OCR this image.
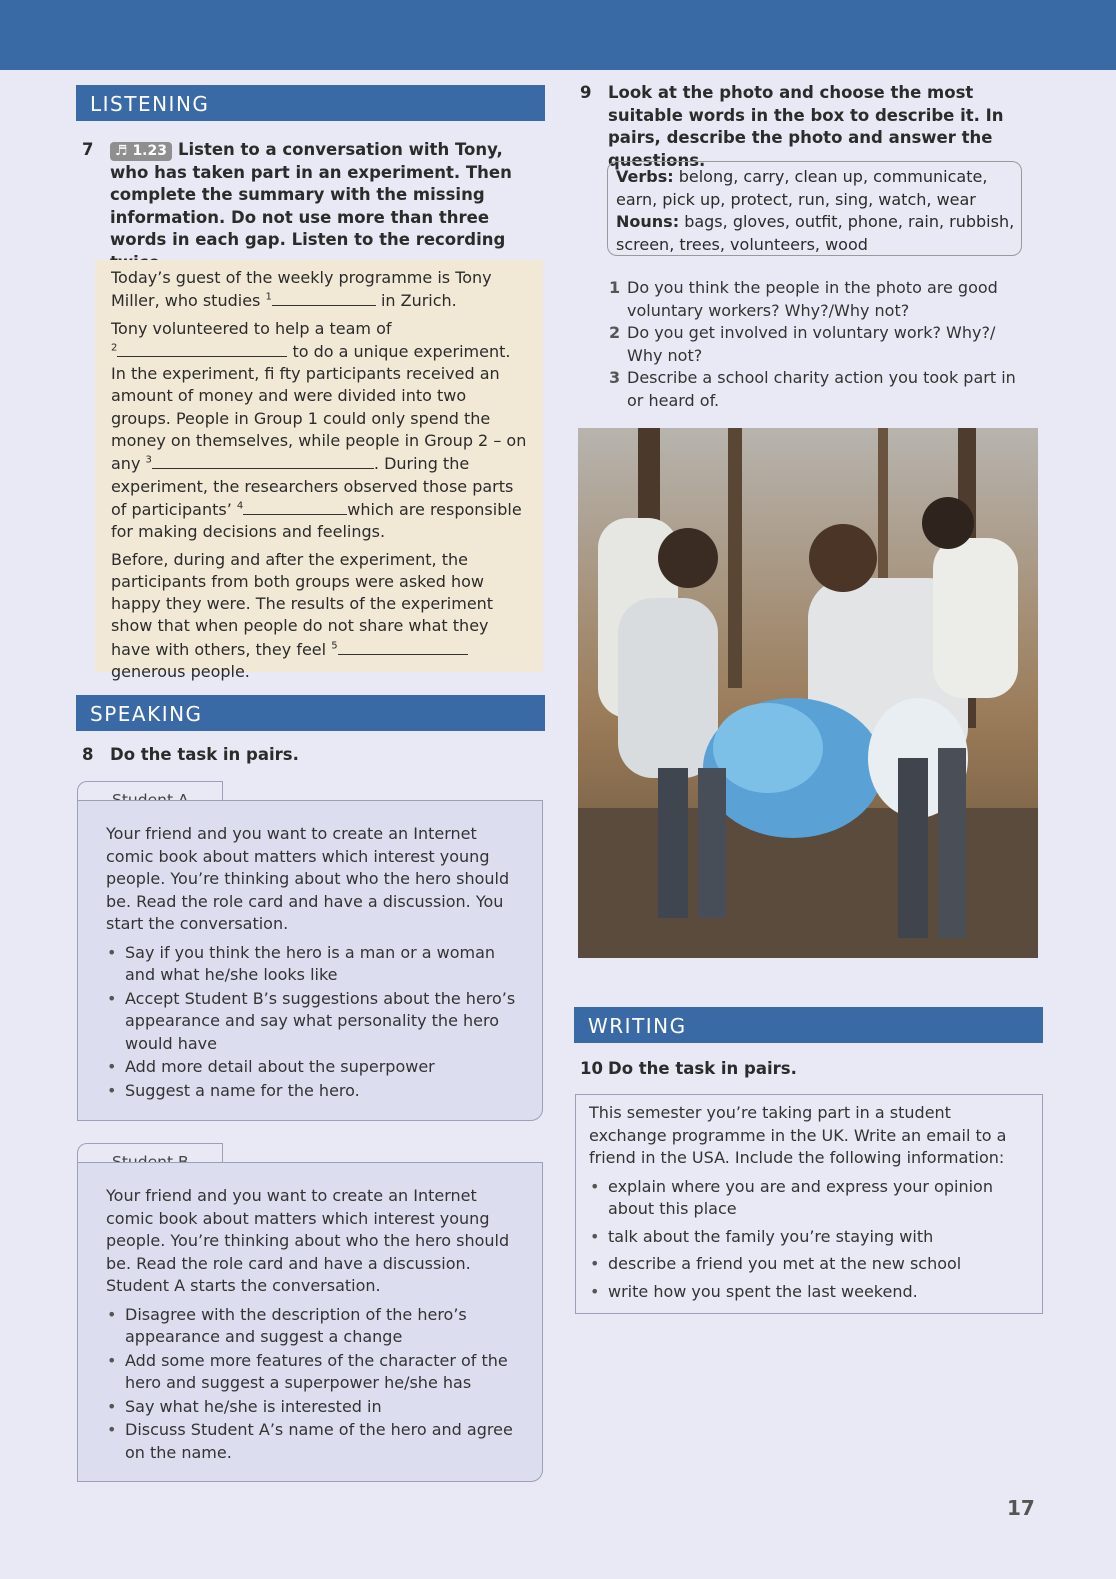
LISTENING
7	♬︎ 1.23 Listen to a conversation with Tony, who has taken part in an experiment. Then complete the summary with the missing information. Do not use more than three words in each gap. Listen to the recording

Today’s guest of the weekly programme is Tony Miller, who studies $^1$	in Zurich.

Tony volunteered to help a team of
$^2$	to do a unique experiment. In the experiment, fi fty participants received an amount of money and were divided into two groups. People in Group 1 could only spend the money on themselves, while people in Group 2 – on any $^3$	. During the experiment, the researchers observed those parts of participants’ $^4$	which are responsible for making decisions and feelings.

Before, during and after the experiment, the participants from both groups were asked how happy they were. The results of the experiment show that when people do not share what they have with others, they feel $^5$ generous people.

SPEAKING
8 Do the task in pairs.

Your friend and you want to create an Internet comic book about matters which interest young people. You’re thinking about who the hero should be. Read the role card and have a discussion. You start the conversation.

• Say if you think the hero is a man or a woman and what he/she looks like
• Accept Student B’s suggestions about the hero’s appearance and say what personality the hero would have
• Add more detail about the superpower
• Suggest a name for the hero.

Your friend and you want to create an Internet comic book about matters which interest young people. You’re thinking about who the hero should be. Read the role card and have a discussion. Student A starts the conversation.

• Disagree with the description of the hero’s appearance and suggest a change
• Add some more features of the character of the hero and suggest a superpower he/she has
• Say what he/she is interested in
• Discuss Student A’s name of the hero and agree on the name.
9 Look at the photo and choose the most suitable words in the box to describe it. In pairs, describe the photo and answer the questions.
Verbs: belong, carry, clean up, communicate, earn, pick up, protect, run, sing, watch, wear
Nouns: bags, gloves, outfit, phone, rain, rubbish, screen, trees, volunteers, wood
1 Do you think the people in the photo are good voluntary workers? Why?/Why not?
2 Do you get involved in voluntary work? Why?/ Why not?
3 Describe a school charity action you took part in or heard of.
WRITING
10 Do the task in pairs.

This semester you’re taking part in a student exchange programme in the UK. Write an email to a friend in the USA. Include the following information:

• explain where you are and express your opinion about this place
• talk about the family you’re staying with
• describe a friend you met at the new school
• write how you spent the last weekend.
17
